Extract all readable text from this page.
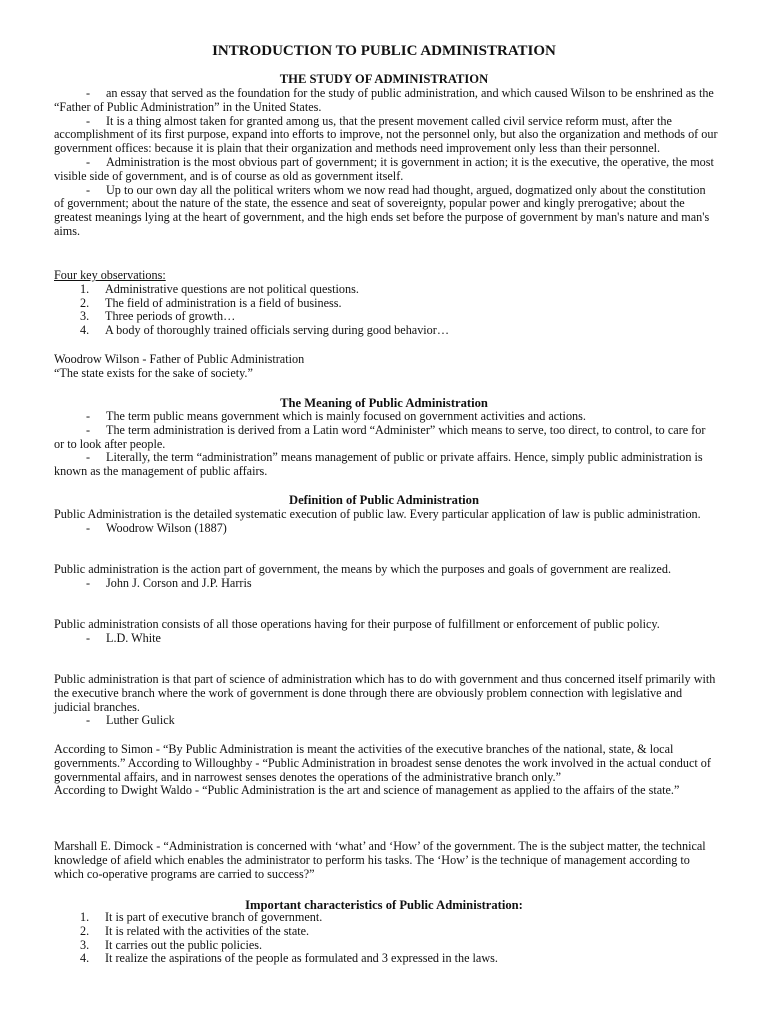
INTRODUCTION TO PUBLIC ADMINISTRATION
THE STUDY OF ADMINISTRATION

- an essay that served as the foundation for the study of public administration, and which caused Wilson to be enshrined as the “Father of Public Administration” in the United States.

- It is a thing almost taken for granted among us, that the present movement called civil service reform must, after the accomplishment of its first purpose, expand into efforts to improve, not the personnel only, but also the organization and methods of our government offices: because it is plain that their organization and methods need improvement only less than their personnel.

- Administration is the most obvious part of government; it is government in action; it is the executive, the operative, the most visible side of government, and is of course as old as government itself.

- Up to our own day all the political writers whom we now read had thought, argued, dogmatized only about the constitution of government; about the nature of the state, the essence and seat of sovereignty, popular power and kingly prerogative; about the greatest meanings lying at the heart of government, and the high ends set before the purpose of government by man's nature and man's aims.

Four key observations:

1. Administrative questions are not political questions.
2. The field of administration is a field of business.
3. Three periods of growth…
4. A body of thoroughly trained officials serving during good behavior…

Woodrow Wilson - Father of Public Administration

“The state exists for the sake of society.”

The Meaning of Public Administration

- The term public means government which is mainly focused on government activities and actions.

- The term administration is derived from a Latin word “Administer” which means to serve, too direct, to control, to care for or to look after people.

- Literally, the term “administration” means management of public or private affairs. Hence, simply public administration is known as the management of public affairs.

Definition of Public Administration

Public Administration is the detailed systematic execution of public law. Every particular application of law is public administration.

- Woodrow Wilson (1887)

Public administration is the action part of government, the means by which the purposes and goals of government are realized.

- John J. Corson and J.P. Harris

Public administration consists of all those operations having for their purpose of fulfillment or enforcement of public policy.

- L.D. White

Public administration is that part of science of administration which has to do with government and thus concerned itself primarily with the executive branch where the work of government is done through there are obviously problem connection with legislative and judicial branches.

- Luther Gulick

According to Simon - “By Public Administration is meant the activities of the executive branches of the national, state, & local governments.” According to Willoughby - “Public Administration in broadest sense denotes the work involved in the actual conduct of governmental affairs, and in narrowest senses denotes the operations of the administrative branch only.”

According to Dwight Waldo - “Public Administration is the art and science of management as applied to the affairs of the state.”

Marshall E. Dimock - “Administration is concerned with ‘what’ and ‘How’ of the government. The is the subject matter, the technical knowledge of afield which enables the administrator to perform his tasks. The ‘How’ is the technique of management according to which co-operative programs are carried to success?”

Important characteristics of Public Administration:
1. It is part of executive branch of government.
2. It is related with the activities of the state.
3. It carries out the public policies.
4. It realize the aspirations of the people as formulated and 3 expressed in the laws.
